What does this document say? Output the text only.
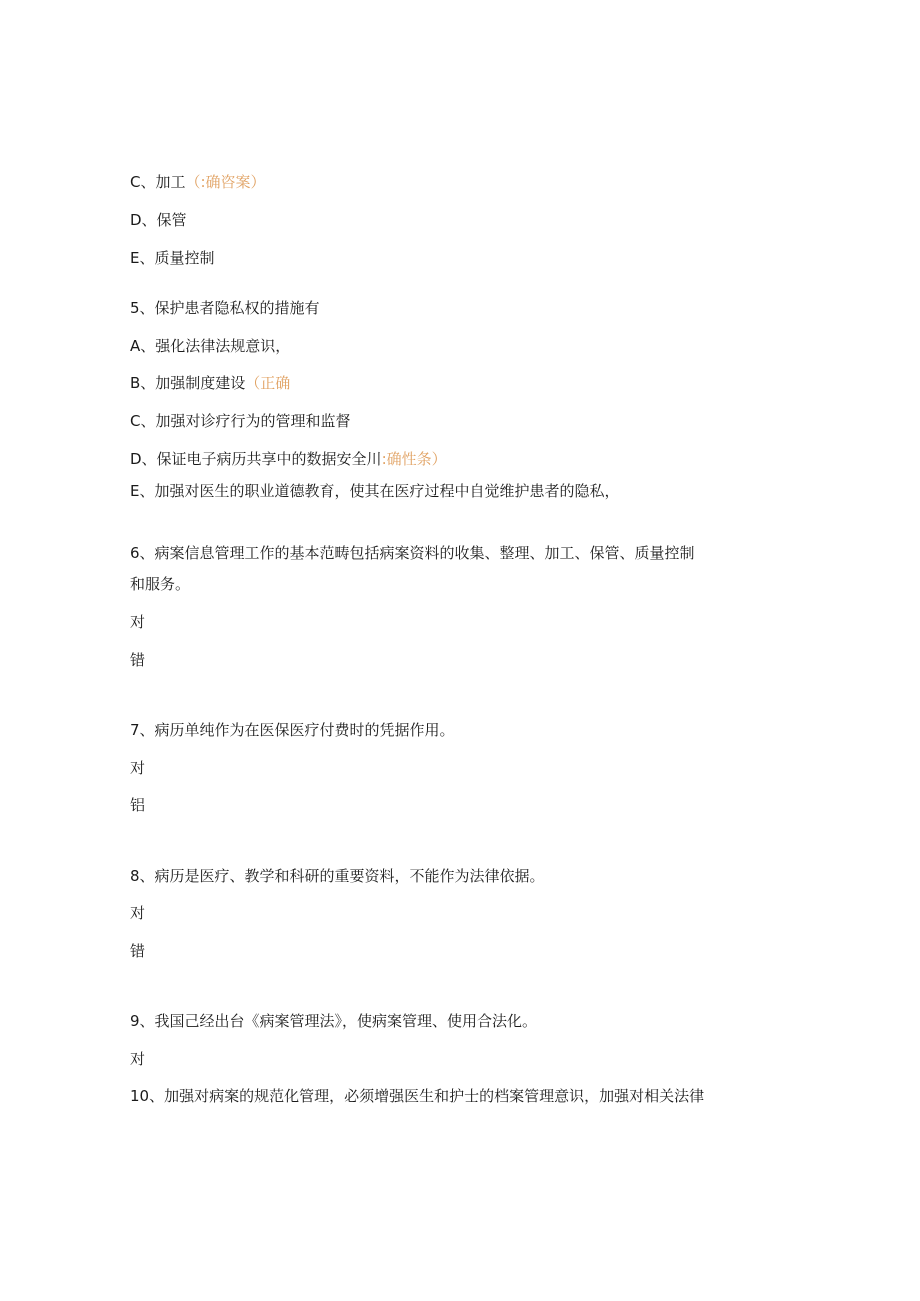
C、加工（:确咨案）
D、保管
E、质量控制
5、保护患者隐私权的措施有
A、强化法律法规意识，
B、加强制度建设（正确
C、加强对诊疗行为的管理和监督
D、保证电子病历共享中的数据安全川:确性条）
E、加强对医生的职业道德教育，使其在医疗过程中自觉维护患者的隐私，
6、病案信息管理工作的基本范畴包括病案资料的收集、整理、加工、保管、质量控制
和服务。
对
错
7、病历单纯作为在医保医疗付费时的凭据作用。
对
铝
8、病历是医疗、教学和科研的重要资料，不能作为法律依据。
对
错
9、我国己经出台《病案管理法》，使病案管理、使用合法化。
对
10、加强对病案的规范化管理，必须增强医生和护士的档案管理意识，加强对相关法律
